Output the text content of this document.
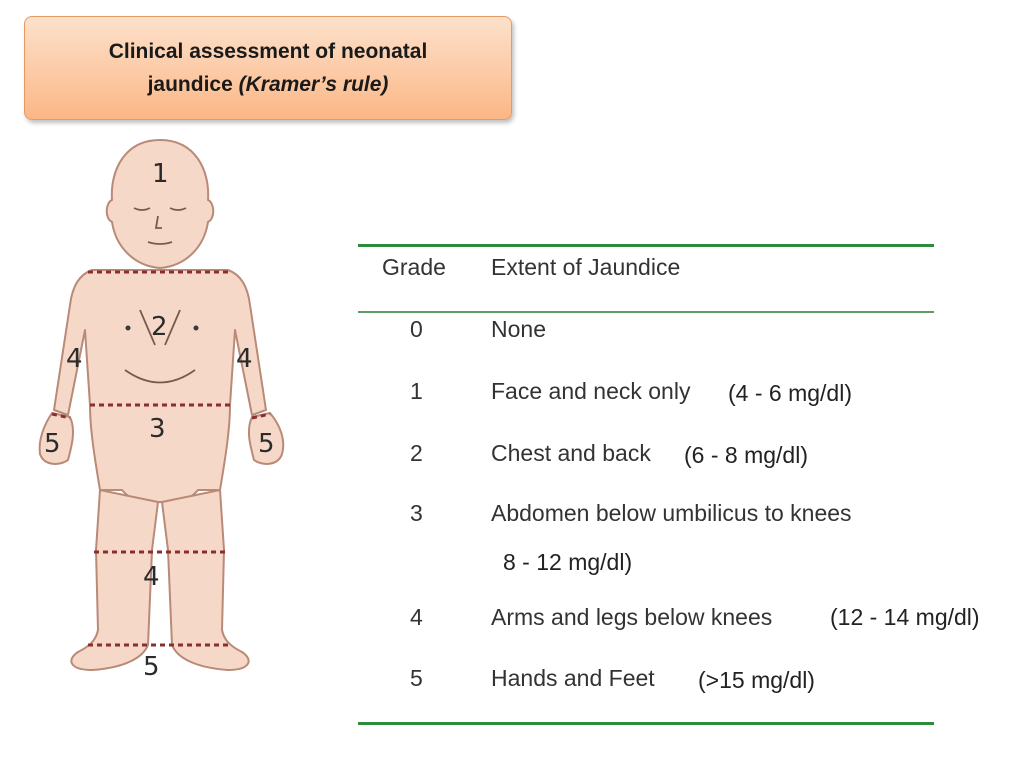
Clinical assessment of neonatal
jaundice (Kramer’s rule)
1
2
3
4	4
4
5	5
5
Grade Extent of Jaundice
0	None
1	Face and neck only (4 - 6 mg/dl)
2	Chest and back (6 - 8 mg/dl)
3	Abdomen below umbilicus to knees
8 - 12 mg/dl)
4	Arms and legs below knees	(12 - 14 mg/dl)
5	Hands and Feet (>15 mg/dl)
